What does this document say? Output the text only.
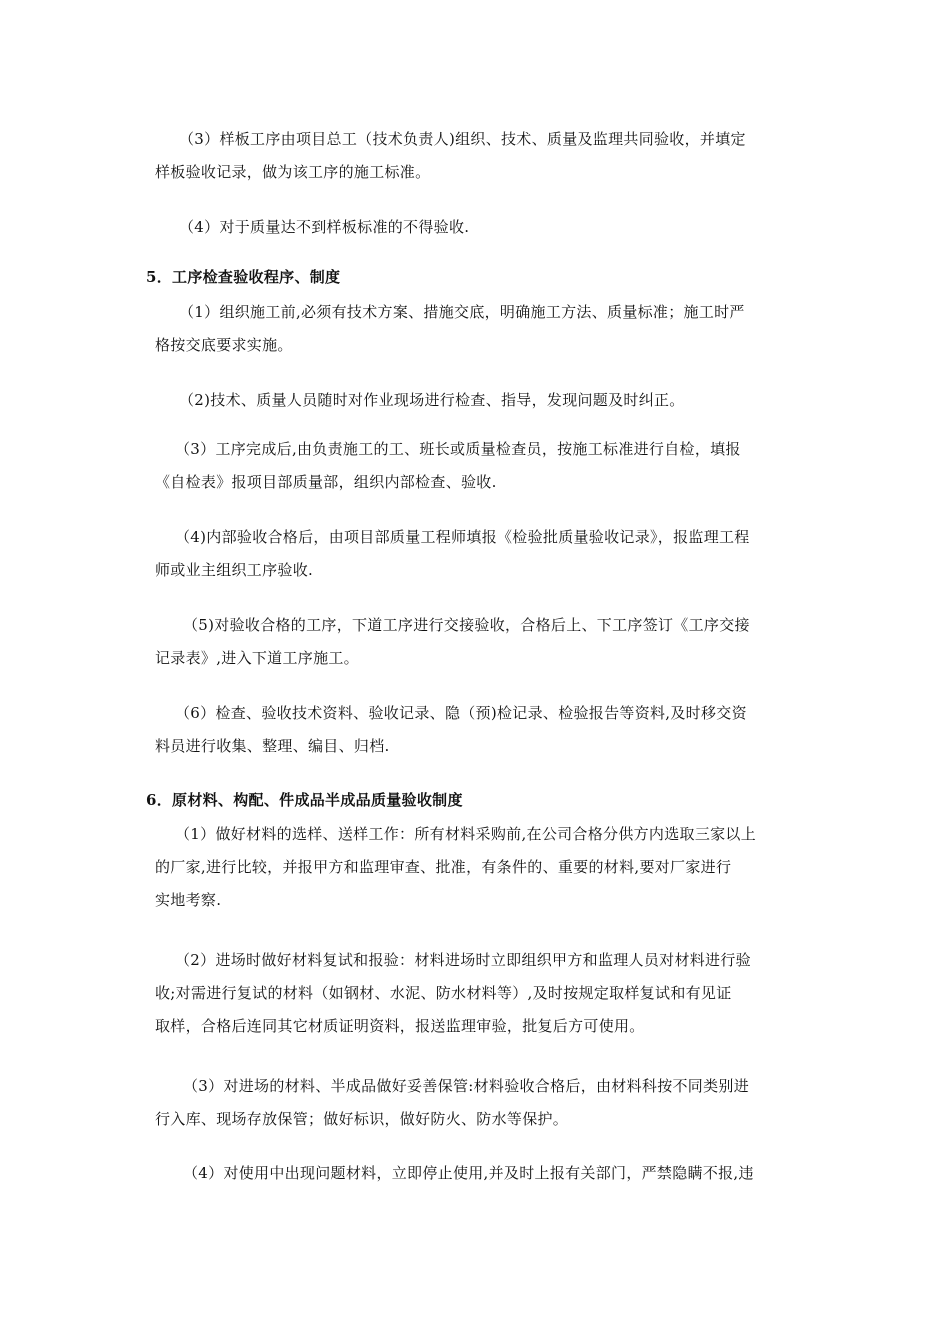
（3）样板工序由项目总工（技术负责人)组织、技术、质量及监理共同验收，并填定
样板验收记录，做为该工序的施工标准。

（4）对于质量达不到样板标准的不得验收.

5．工序检查验收程序、制度

（1）组织施工前,必须有技术方案、措施交底，明确施工方法、质量标准；施工时严
格按交底要求实施。

（2)技术、质量人员随时对作业现场进行检查、指导，发现问题及时纠正。

（3）工序完成后,由负责施工的工、班长或质量检查员，按施工标准进行自检，填报
《自检表》报项目部质量部，组织内部检查、验收.

（4)内部验收合格后，由项目部质量工程师填报《检验批质量验收记录》，报监理工程
师或业主组织工序验收.

（5)对验收合格的工序，下道工序进行交接验收，合格后上、下工序签订《工序交接
记录表》,进入下道工序施工。

（6）检查、验收技术资料、验收记录、隐（预)检记录、检验报告等资料,及时移交资
料员进行收集、整理、编目、归档.

6．原材料、构配、件成品半成品质量验收制度

（1）做好材料的选样、送样工作：所有材料采购前,在公司合格分供方内选取三家以上
的厂家,进行比较，并报甲方和监理审查、批准，有条件的、重要的材料,要对厂家进行
实地考察.

（2）进场时做好材料复试和报验：材料进场时立即组织甲方和监理人员对材料进行验
收;对需进行复试的材料（如钢材、水泥、防水材料等）,及时按规定取样复试和有见证
取样，合格后连同其它材质证明资料，报送监理审验，批复后方可使用。

（3）对进场的材料、半成品做好妥善保管:材料验收合格后，由材料科按不同类别进
行入库、现场存放保管；做好标识，做好防火、防水等保护。

（4）对使用中出现问题材料，立即停止使用,并及时上报有关部门，严禁隐瞒不报,违
